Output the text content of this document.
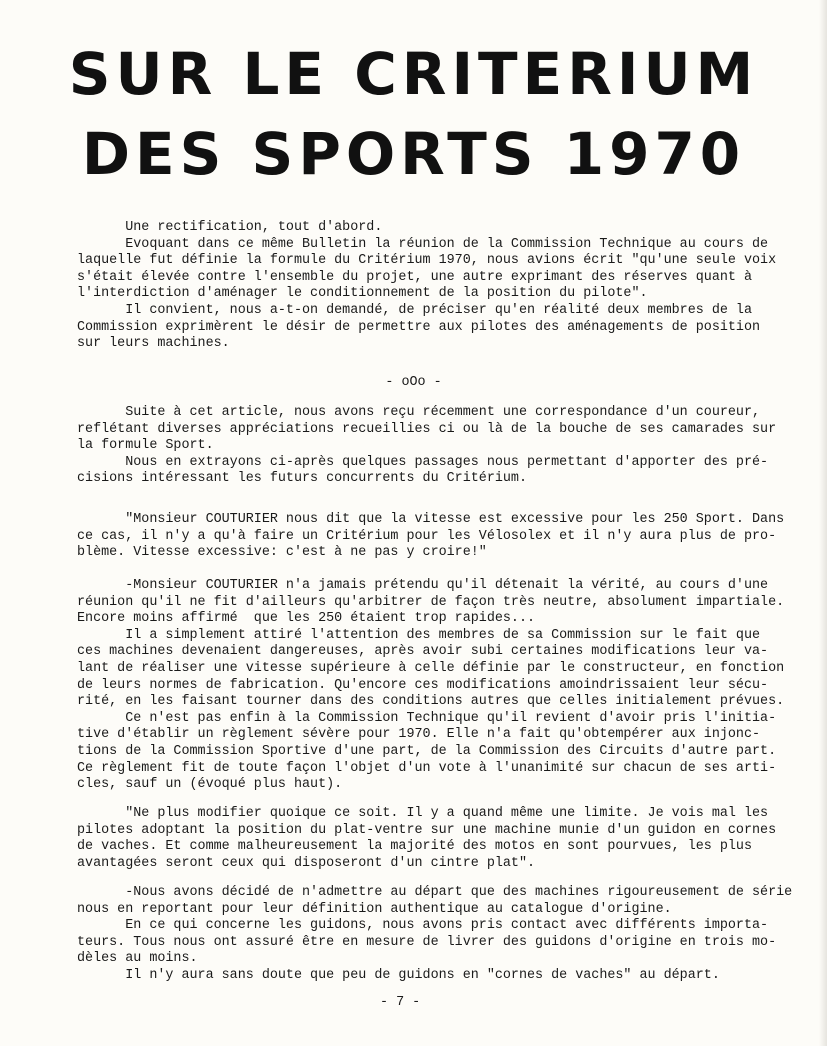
SUR LE CRITERIUM
DES SPORTS 1970

Une rectification, tout d'abord.
Evoquant dans ce même Bulletin la réunion de la Commission Technique au cours de
laquelle fut définie la formule du Critérium 1970, nous avions écrit "qu'une seule voix
s'était élevée contre l'ensemble du projet, une autre exprimant des réserves quant à
l'interdiction d'aménager le conditionnement de la position du pilote".
Il convient, nous a-t-on demandé, de préciser qu'en réalité deux membres de la
Commission exprimèrent le désir de permettre aux pilotes des aménagements de position
sur leurs machines.

- oOo -

Suite à cet article, nous avons reçu récemment une correspondance d'un coureur,
reflétant diverses appréciations recueillies ci ou là de la bouche de ses camarades sur
la formule Sport.
Nous en extrayons ci-après quelques passages nous permettant d'apporter des pré-
cisions intéressant les futurs concurrents du Critérium.

"Monsieur COUTURIER nous dit que la vitesse est excessive pour les 250 Sport. Dans
ce cas, il n'y a qu'à faire un Critérium pour les Vélosolex et il n'y aura plus de pro-
blème. Vitesse excessive: c'est à ne pas y croire!"

-Monsieur COUTURIER n'a jamais prétendu qu'il détenait la vérité, au cours d'une
réunion qu'il ne fit d'ailleurs qu'arbitrer de façon très neutre, absolument impartiale.
Encore moins affirmé  que les 250 étaient trop rapides...
Il a simplement attiré l'attention des membres de sa Commission sur le fait que
ces machines devenaient dangereuses, après avoir subi certaines modifications leur va-
lant de réaliser une vitesse supérieure à celle définie par le constructeur, en fonction
de leurs normes de fabrication. Qu'encore ces modifications amoindrissaient leur sécu-
rité, en les faisant tourner dans des conditions autres que celles initialement prévues.
Ce n'est pas enfin à la Commission Technique qu'il revient d'avoir pris l'initia-
tive d'établir un règlement sévère pour 1970. Elle n'a fait qu'obtempérer aux injonc-
tions de la Commission Sportive d'une part, de la Commission des Circuits d'autre part.
Ce règlement fit de toute façon l'objet d'un vote à l'unanimité sur chacun de ses arti-
cles, sauf un (évoqué plus haut).

"Ne plus modifier quoique ce soit. Il y a quand même une limite. Je vois mal les
pilotes adoptant la position du plat-ventre sur une machine munie d'un guidon en cornes
de vaches. Et comme malheureusement la majorité des motos en sont pourvues, les plus
avantagées seront ceux qui disposeront d'un cintre plat".

-Nous avons décidé de n'admettre au départ que des machines rigoureusement de série
nous en reportant pour leur définition authentique au catalogue d'origine.
En ce qui concerne les guidons, nous avons pris contact avec différents importa-
teurs. Tous nous ont assuré être en mesure de livrer des guidons d'origine en trois mo-
dèles au moins.
Il n'y aura sans doute que peu de guidons en "cornes de vaches" au départ.

- 7 -
